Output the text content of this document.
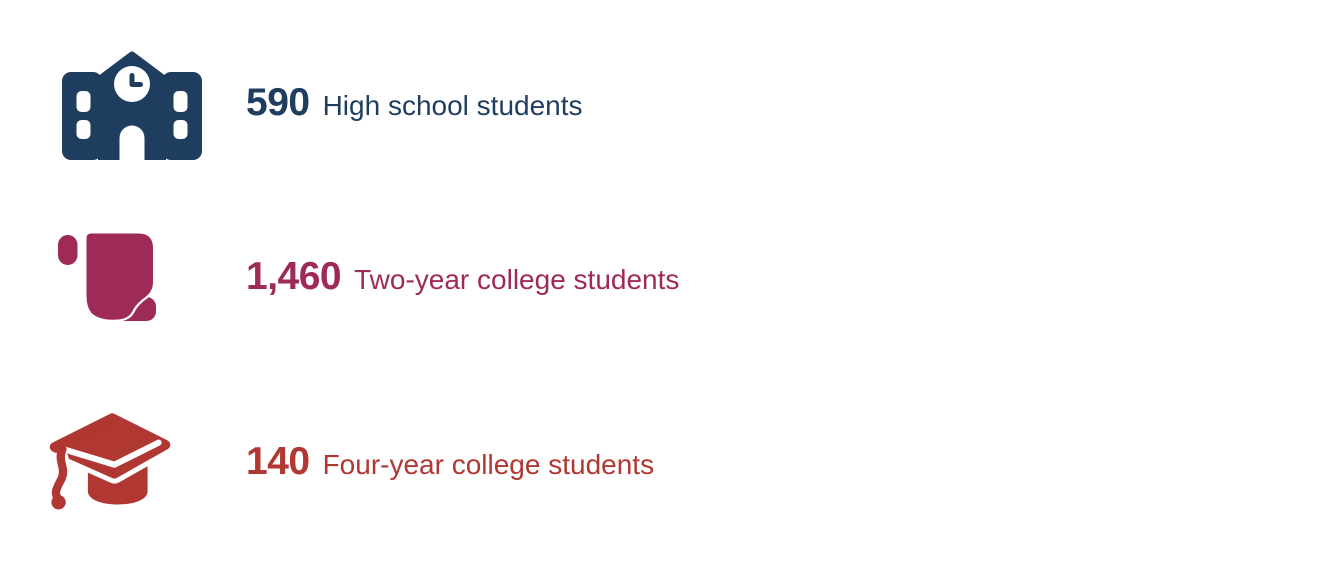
590 High school students
1,460 Two-year college students
140 Four-year college students
